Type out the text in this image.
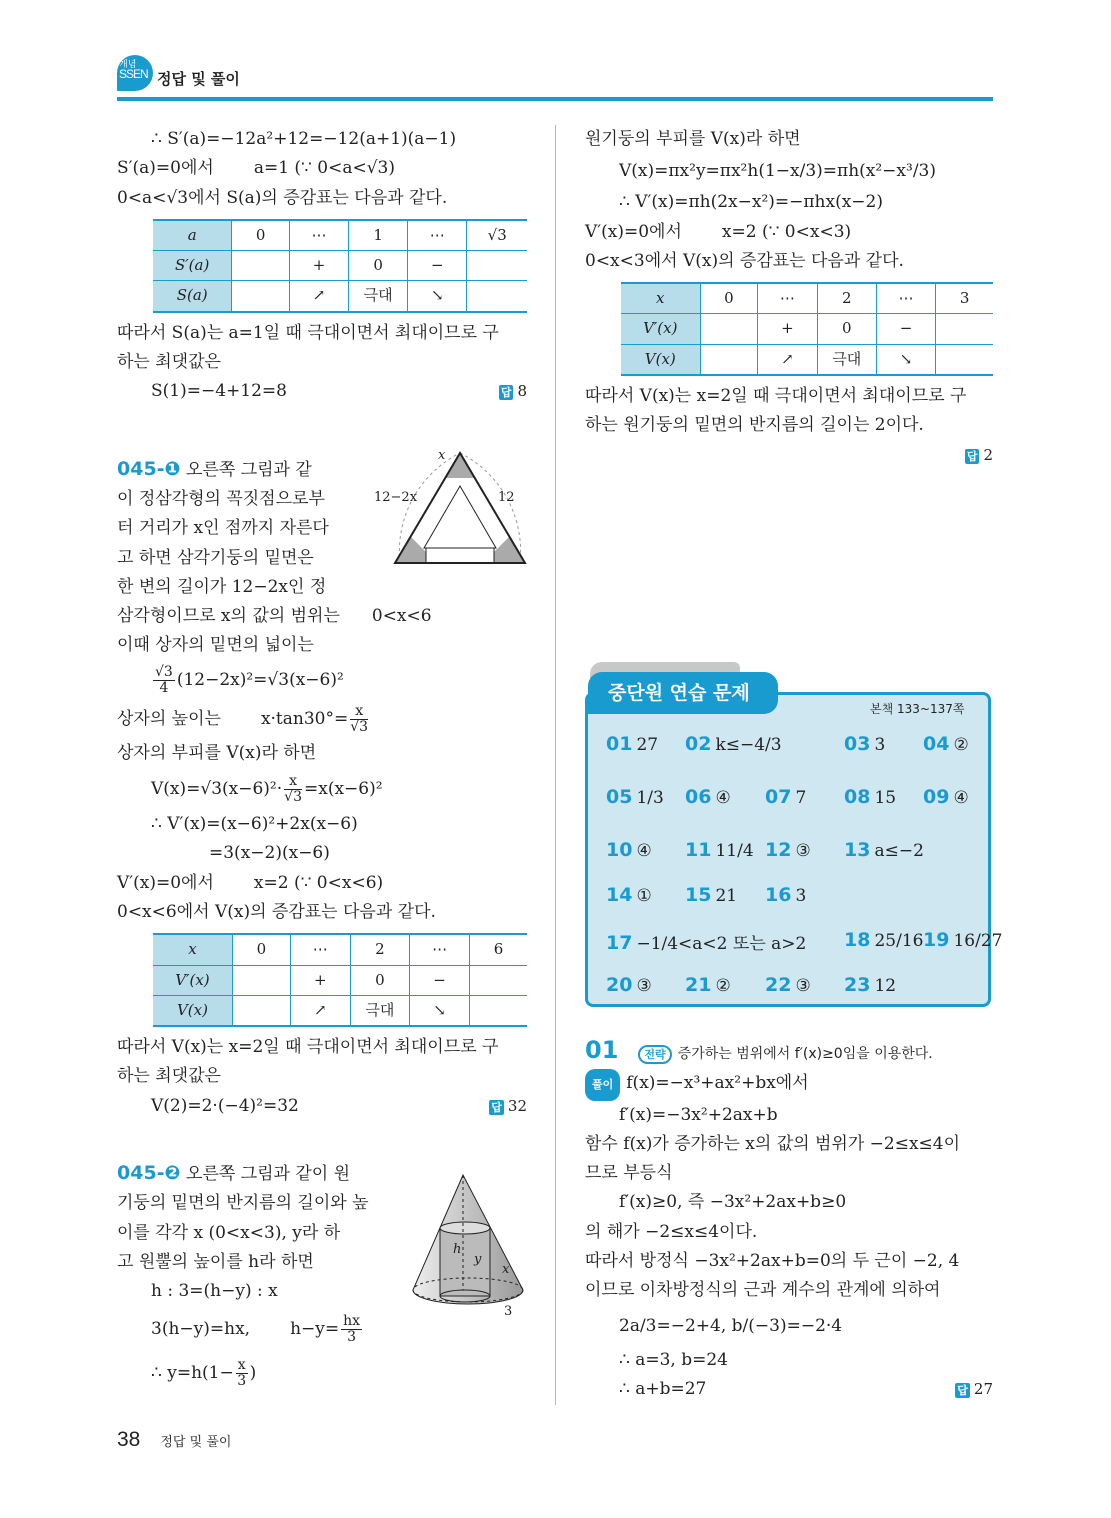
개념
SSEN 정답 및 풀이
∴ S′(a)=−12a²+12=−12(a+1)(a−1)
S′(a)=0에서 a=1 (∵ 0<a<√3)
0<a<√3에서 S(a)의 증감표는 다음과 같다.
a	0	⋯	1	⋯	√3
S′(a)		+	0	−	
S(a)		↗	극대	↘	
따라서 S(a)는 a=1일 때 극대이면서 최대이므로 구
하는 최댓값은
S(1)=−4+12=8	답 8
045-❶ 오른쪽 그림과 같
이 정삼각형의 꼭짓점으로부
터 거리가 x인 점까지 자른다
고 하면 삼각기둥의 밑면은
한 변의 길이가 12−2x인 정
삼각형이므로 x의 값의 범위는 0<x<6
이때 상자의 밑면의 넓이는
$\frac{√3}{4} (12-2x)^2=√3(x-6)^2$
상자의 높이는 $x\cdot\tan 30^\circ= \frac{x}{√3}$
상자의 부피를 V(x)라 하면
$V(x)=√3(x-6)^2\cdot \frac{x}{√3} =x(x-6)^2$
∴ V′(x)=(x−6)²+2x(x−6)
=3(x−2)(x−6)
V′(x)=0에서 x=2 (∵ 0<x<6)
0<x<6에서 V(x)의 증감표는 다음과 같다.
x	0	⋯	2	⋯	6
V′(x)		+	0	−	
V(x)		↗	극대	↘	
따라서 V(x)는 x=2일 때 극대이면서 최대이므로 구
하는 최댓값은
V(2)=2·(−4)²=32	답 32
045-❷ 오른쪽 그림과 같이 원
기둥의 밑면의 반지름의 길이와 높
이를 각각 x (0<x<3), y라 하
고 원뿔의 높이를 h라 하면
h : 3=(h−y) : x
3(h−y)=hx, $h-y= \frac{hx}{3}$
∴ $y=h(1- \frac{x}{3}$ )
x
12−2x	12
h
y
x
3
원기둥의 부피를 V(x)라 하면
V(x)=πx²y=πx²h(1−x/3)=πh(x²−x³/3)
∴ V′(x)=πh(2x−x²)=−πhx(x−2)
V′(x)=0에서 x=2 (∵ 0<x<3)
0<x<3에서 V(x)의 증감표는 다음과 같다.
x	0	⋯	2	⋯	3
V′(x)		+	0	−	
V(x)		↗	극대	↘	
따라서 V(x)는 x=2일 때 극대이면서 최대이므로 구
하는 원기둥의 밑면의 반지름의 길이는 2이다.
답 2
중단원 연습 문제
본책 133~137쪽
01 27 02 k≤−4/3	03 3 04 ②
05 1/3 06 ④ 07 7 08 15 09 ④
10 ④ 11 11/4 12 ③ 13 a≤−2
14 ① 15 21 16 3
17 −1/4<a<2 또는 a>2 18 25/16 19 16/27
20 ③ 21 ② 22 ③ 23 12
01 전략 증가하는 범위에서 f′(x)≥0임을 이용한다.
풀이 f(x)=−x³+ax²+bx에서
f′(x)=−3x²+2ax+b
함수 f(x)가 증가하는 x의 값의 범위가 −2≤x≤4이
므로 부등식
f′(x)≥0, 즉 −3x²+2ax+b≥0
의 해가 −2≤x≤4이다.
따라서 방정식 −3x²+2ax+b=0의 두 근이 −2, 4
이므로 이차방정식의 근과 계수의 관계에 의하여
2a/3=−2+4, b/(−3)=−2·4
∴ a=3, b=24
∴ a+b=27	답 27
38 정답 및 풀이
